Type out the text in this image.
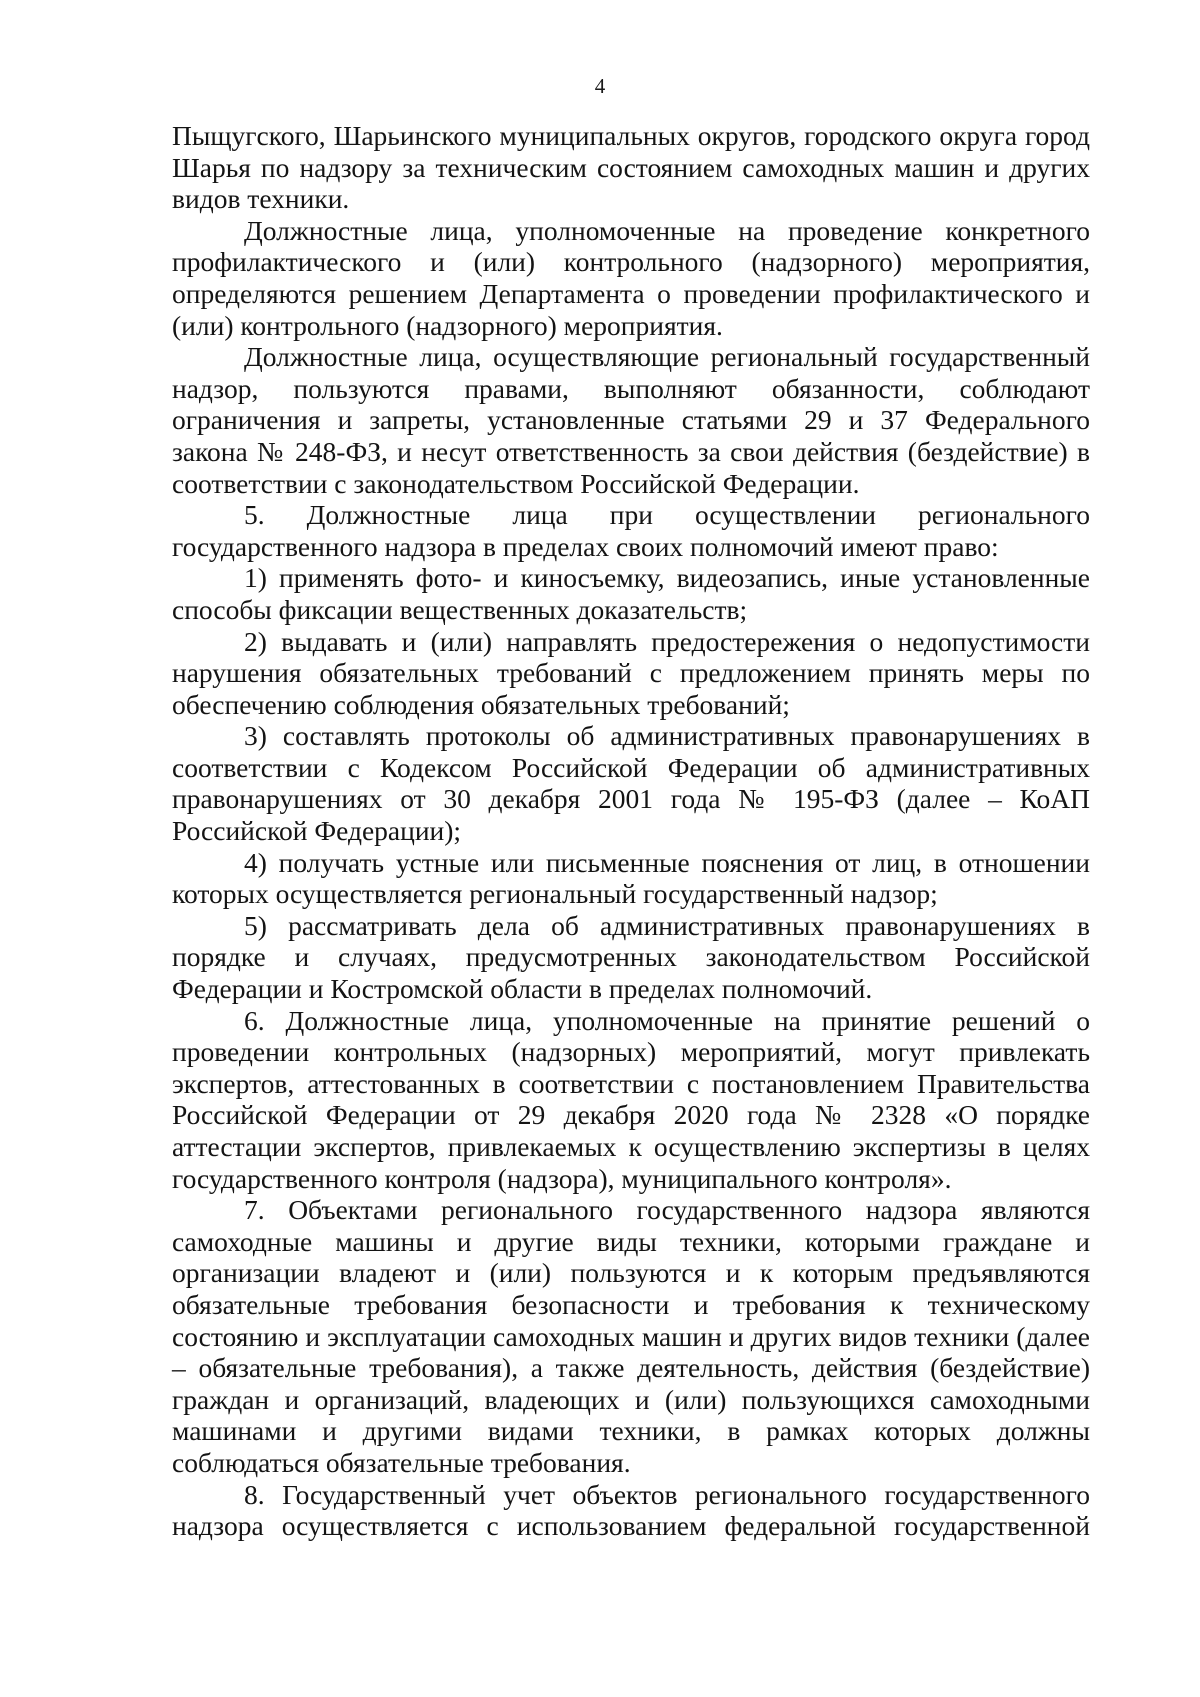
4

Пыщугского, Шарьинского муниципальных округов, городского округа город Шарья по надзору за техническим состоянием самоходных машин и других видов техники.

Должностные лица, уполномоченные на проведение конкретного профилактического и (или) контрольного (надзорного) мероприятия, определяются решением Департамента о проведении профилактического и (или) контрольного (надзорного) мероприятия.

Должностные лица, осуществляющие региональный государственный надзор, пользуются правами, выполняют обязанности, соблюдают ограничения и запреты, установленные статьями 29 и 37 Федерального закона № 248-ФЗ, и несут ответственность за свои действия (бездействие) в соответствии с законодательством Российской Федерации.

5. Должностные лица при осуществлении регионального государственного надзора в пределах своих полномочий имеют право:

1) применять фото- и киносъемку, видеозапись, иные установленные способы фиксации вещественных доказательств;

2) выдавать и (или) направлять предостережения о недопустимости нарушения обязательных требований с предложением принять меры по обеспечению соблюдения обязательных требований;

3) составлять протоколы об административных правонарушениях в соответствии с Кодексом Российской Федерации об административных правонарушениях от 30 декабря 2001 года № 195-ФЗ (далее – КоАП Российской Федерации);

4) получать устные или письменные пояснения от лиц, в отношении которых осуществляется региональный государственный надзор;

5) рассматривать дела об административных правонарушениях в порядке и случаях, предусмотренных законодательством Российской Федерации и Костромской области в пределах полномочий.

6. Должностные лица, уполномоченные на принятие решений о проведении контрольных (надзорных) мероприятий, могут привлекать экспертов, аттестованных в соответствии с постановлением Правительства Российской Федерации от 29 декабря 2020 года № 2328 «О порядке аттестации экспертов, привлекаемых к осуществлению экспертизы в целях государственного контроля (надзора), муниципального контроля».

7. Объектами регионального государственного надзора являются самоходные машины и другие виды техники, которыми граждане и организации владеют и (или) пользуются и к которым предъявляются обязательные требования безопасности и требования к техническому состоянию и эксплуатации самоходных машин и других видов техники (далее – обязательные требования), а также деятельность, действия (бездействие) граждан и организаций, владеющих и (или) пользующихся самоходными машинами и другими видами техники, в рамках которых должны соблюдаться обязательные требования.

8. Государственный учет объектов регионального государственного надзора осуществляется с использованием федеральной государственной
